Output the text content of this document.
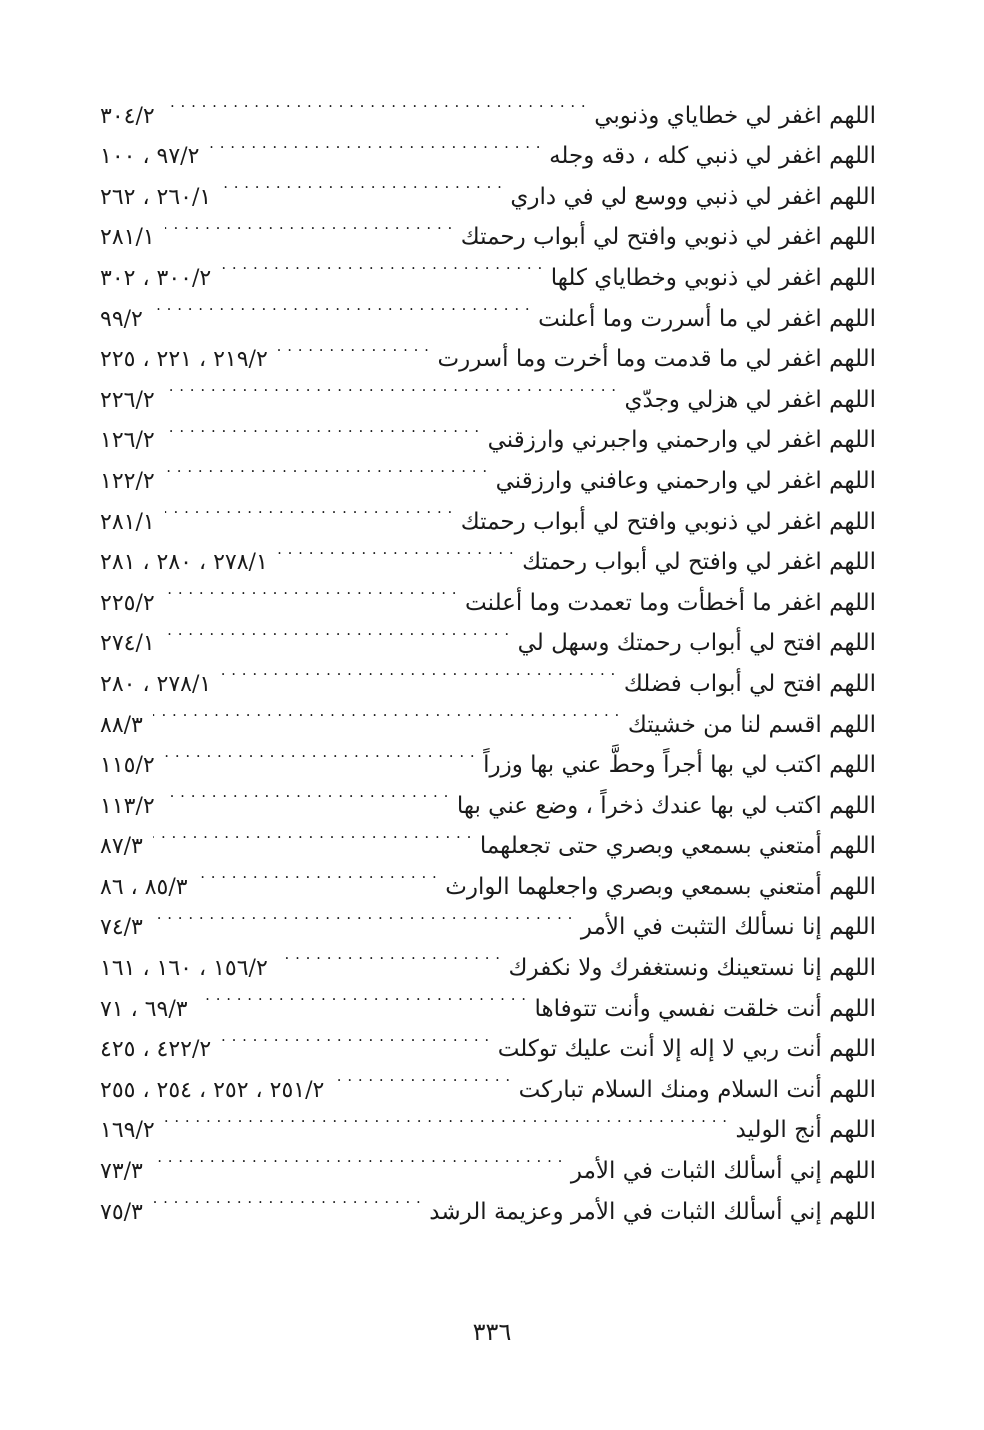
اللهم اغفر لي خطاياي وذنوبي
. . .
٣٠٤/٢
اللهم اغفر لي ذنبي كله ، دقه وجله
. . .
٩٧/٢ ، ١٠٠
اللهم اغفر لي ذنبي ووسع لي في داري
. . .
٢٦٠/١ ، ٢٦٢
اللهم اغفر لي ذنوبي وافتح لي أبواب رحمتك
. . .
٢٨١/١
اللهم اغفر لي ذنوبي وخطاياي كلها
. . .
٣٠٠/٢ ، ٣٠٢
اللهم اغفر لي ما أسررت وما أعلنت
. . .
٩٩/٢
اللهم اغفر لي ما قدمت وما أخرت وما أسررت
. . .
٢١٩/٢ ، ٢٢١ ، ٢٢٥
اللهم اغفر لي هزلي وجدّي
. . .
٢٢٦/٢
اللهم اغفر لي وارحمني واجبرني وارزقني
. . .
١٢٦/٢
اللهم اغفر لي وارحمني وعافني وارزقني
. . .
١٢٢/٢
اللهم اغفر لي ذنوبي وافتح لي أبواب رحمتك
. . .
٢٨١/١
اللهم اغفر لي وافتح لي أبواب رحمتك
. . .
٢٧٨/١ ، ٢٨٠ ، ٢٨١
اللهم اغفر ما أخطأت وما تعمدت وما أعلنت
. . .
٢٢٥/٢
اللهم افتح لي أبواب رحمتك وسهل لي
. . .
٢٧٤/١
اللهم افتح لي أبواب فضلك
. . .
٢٧٨/١ ، ٢٨٠
اللهم اقسم لنا من خشيتك
. . .
٨٨/٣
اللهم اكتب لي بها أجراً وحطَّ عني بها وزراً
. . .
١١٥/٢
اللهم اكتب لي بها عندك ذخراً ، وضع عني بها
. . .
١١٣/٢
اللهم أمتعني بسمعي وبصري حتى تجعلهما
. . .
٨٧/٣
اللهم أمتعني بسمعي وبصري واجعلهما الوارث
. . .
٨٥/٣ ، ٨٦
اللهم إنا نسألك التثبت في الأمر
. . .
٧٤/٣
اللهم إنا نستعينك ونستغفرك ولا نكفرك
. . .
١٥٦/٢ ، ١٦٠ ، ١٦١
اللهم أنت خلقت نفسي وأنت تتوفاها
. . .
٦٩/٣ ، ٧١
اللهم أنت ربي لا إله إلا أنت عليك توكلت
. . .
٤٢٢/٢ ، ٤٢٥
اللهم أنت السلام ومنك السلام تباركت
. . .
٢٥١/٢ ، ٢٥٢ ، ٢٥٤ ، ٢٥٥
اللهم أنج الوليد
. . .
١٦٩/٢
اللهم إني أسألك الثبات في الأمر
. . .
٧٣/٣
اللهم إني أسألك الثبات في الأمر وعزيمة الرشد
. . .
٧٥/٣
٣٣٦
